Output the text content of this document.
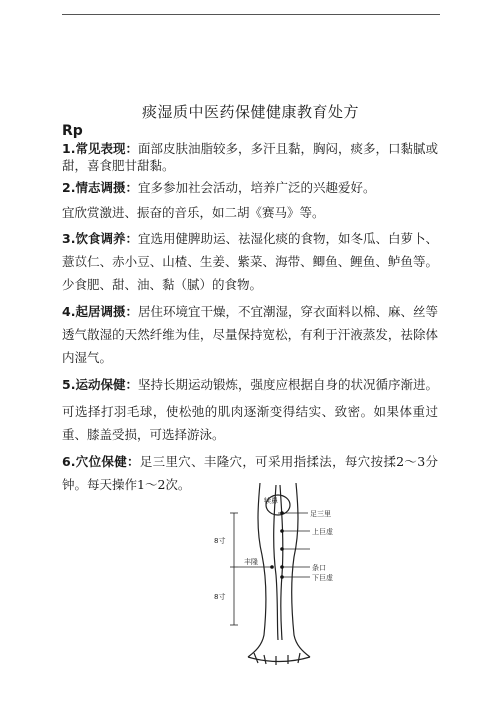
痰湿质中医药保健健康教育处方
Rp

1.常见表现：面部皮肤油脂较多，多汗且黏，胸闷，痰多，口黏腻或甜，喜食肥甘甜黏。

2.情志调摄：宜多参加社会活动，培养广泛的兴趣爱好。

宜欣赏激进、振奋的音乐，如二胡《赛马》等。

3.饮食调养：宜选用健脾助运、祛湿化痰的食物，如冬瓜、白萝卜、薏苡仁、赤小豆、山楂、生姜、紫菜、海带、鲫鱼、鲤鱼、鲈鱼等。少食肥、甜、油、黏（腻）的食物。

4.起居调摄：居住环境宜干燥，不宜潮湿，穿衣面料以棉、麻、丝等透气散湿的天然纤维为佳，尽量保持宽松，有利于汗液蒸发，祛除体内湿气。

5.运动保健：坚持长期运动锻炼，强度应根据自身的状况循序渐进。

可选择打羽毛球，使松弛的肌肉逐渐变得结实、致密。如果体重过重、膝盖受损，可选择游泳。

6.穴位保健：足三里穴、丰隆穴，可采用指揉法，每穴按揉2～3分钟。每天操作1～2次。

犊鼻
足三里
上巨虚
丰隆
条口
下巨虚
8寸
8寸
